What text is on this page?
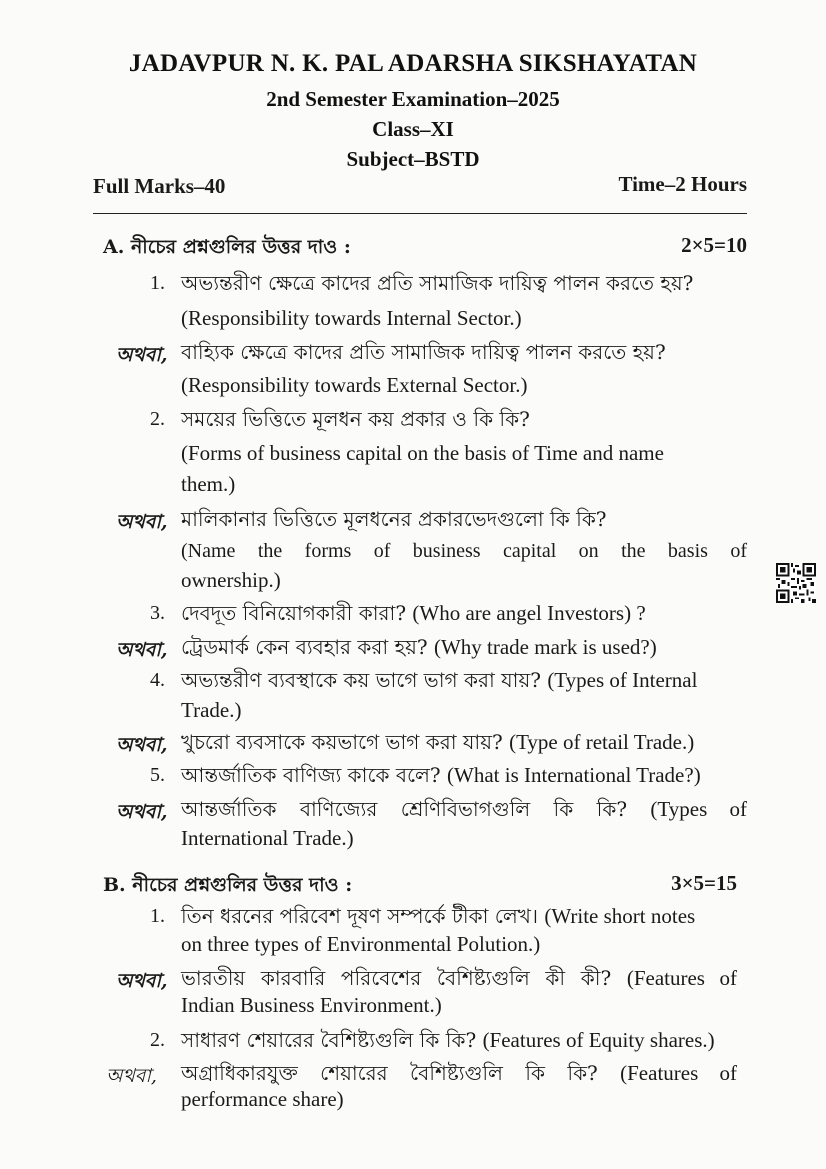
JADAVPUR N. K. PAL ADARSHA SIKSHAYATAN
2nd Semester Examination–2025
Class–XI
Subject–BSTD
Full Marks–40	Time–2 Hours
A. নীচের প্রশ্নগুলির উত্তর দাও :	2×5=10
1. অভ্যন্তরীণ ক্ষেত্রে কাদের প্রতি সামাজিক দায়িত্ব পালন করতে হয়?
(Responsibility towards Internal Sector.)
অথবা, বাহ্যিক ক্ষেত্রে কাদের প্রতি সামাজিক দায়িত্ব পালন করতে হয়?
(Responsibility towards External Sector.)
2. সময়ের ভিত্তিতে মূলধন কয় প্রকার ও কি কি?
(Forms of business capital on the basis of Time and name
them.)
অথবা, মালিকানার ভিত্তিতে মূলধনের প্রকারভেদগুলো কি কি?
(Name the forms of business capital on the basis of
ownership.)
3. দেবদূত বিনিয়োগকারী কারা? (Who are angel Investors) ?
অথবা, ট্রেডমার্ক কেন ব্যবহার করা হয়? (Why trade mark is used?)
4. অভ্যন্তরীণ ব্যবস্থাকে কয় ভাগে ভাগ করা যায়? (Types of Internal
Trade.)
অথবা, খুচরো ব্যবসাকে কয়ভাগে ভাগ করা যায়? (Type of retail Trade.)
5. আন্তর্জাতিক বাণিজ্য কাকে বলে? (What is International Trade?)
অথবা, আন্তর্জাতিক বাণিজ্যের শ্রেণিবিভাগগুলি কি কি? (Types of
International Trade.)
B. নীচের প্রশ্নগুলির উত্তর দাও :	3×5=15
1. তিন ধরনের পরিবেশ দূষণ সম্পর্কে টীকা লেখ। (Write short notes
on three types of Environmental Polution.)
অথবা, ভারতীয় কারবারি পরিবেশের বৈশিষ্ট্যগুলি কী কী? (Features of
Indian Business Environment.)
2. সাধারণ শেয়ারের বৈশিষ্ট্যগুলি কি কি? (Features of Equity shares.)
অথবা, অগ্রাধিকারযুক্ত শেয়ারের বৈশিষ্ট্যগুলি কি কি? (Features of
performance share)
